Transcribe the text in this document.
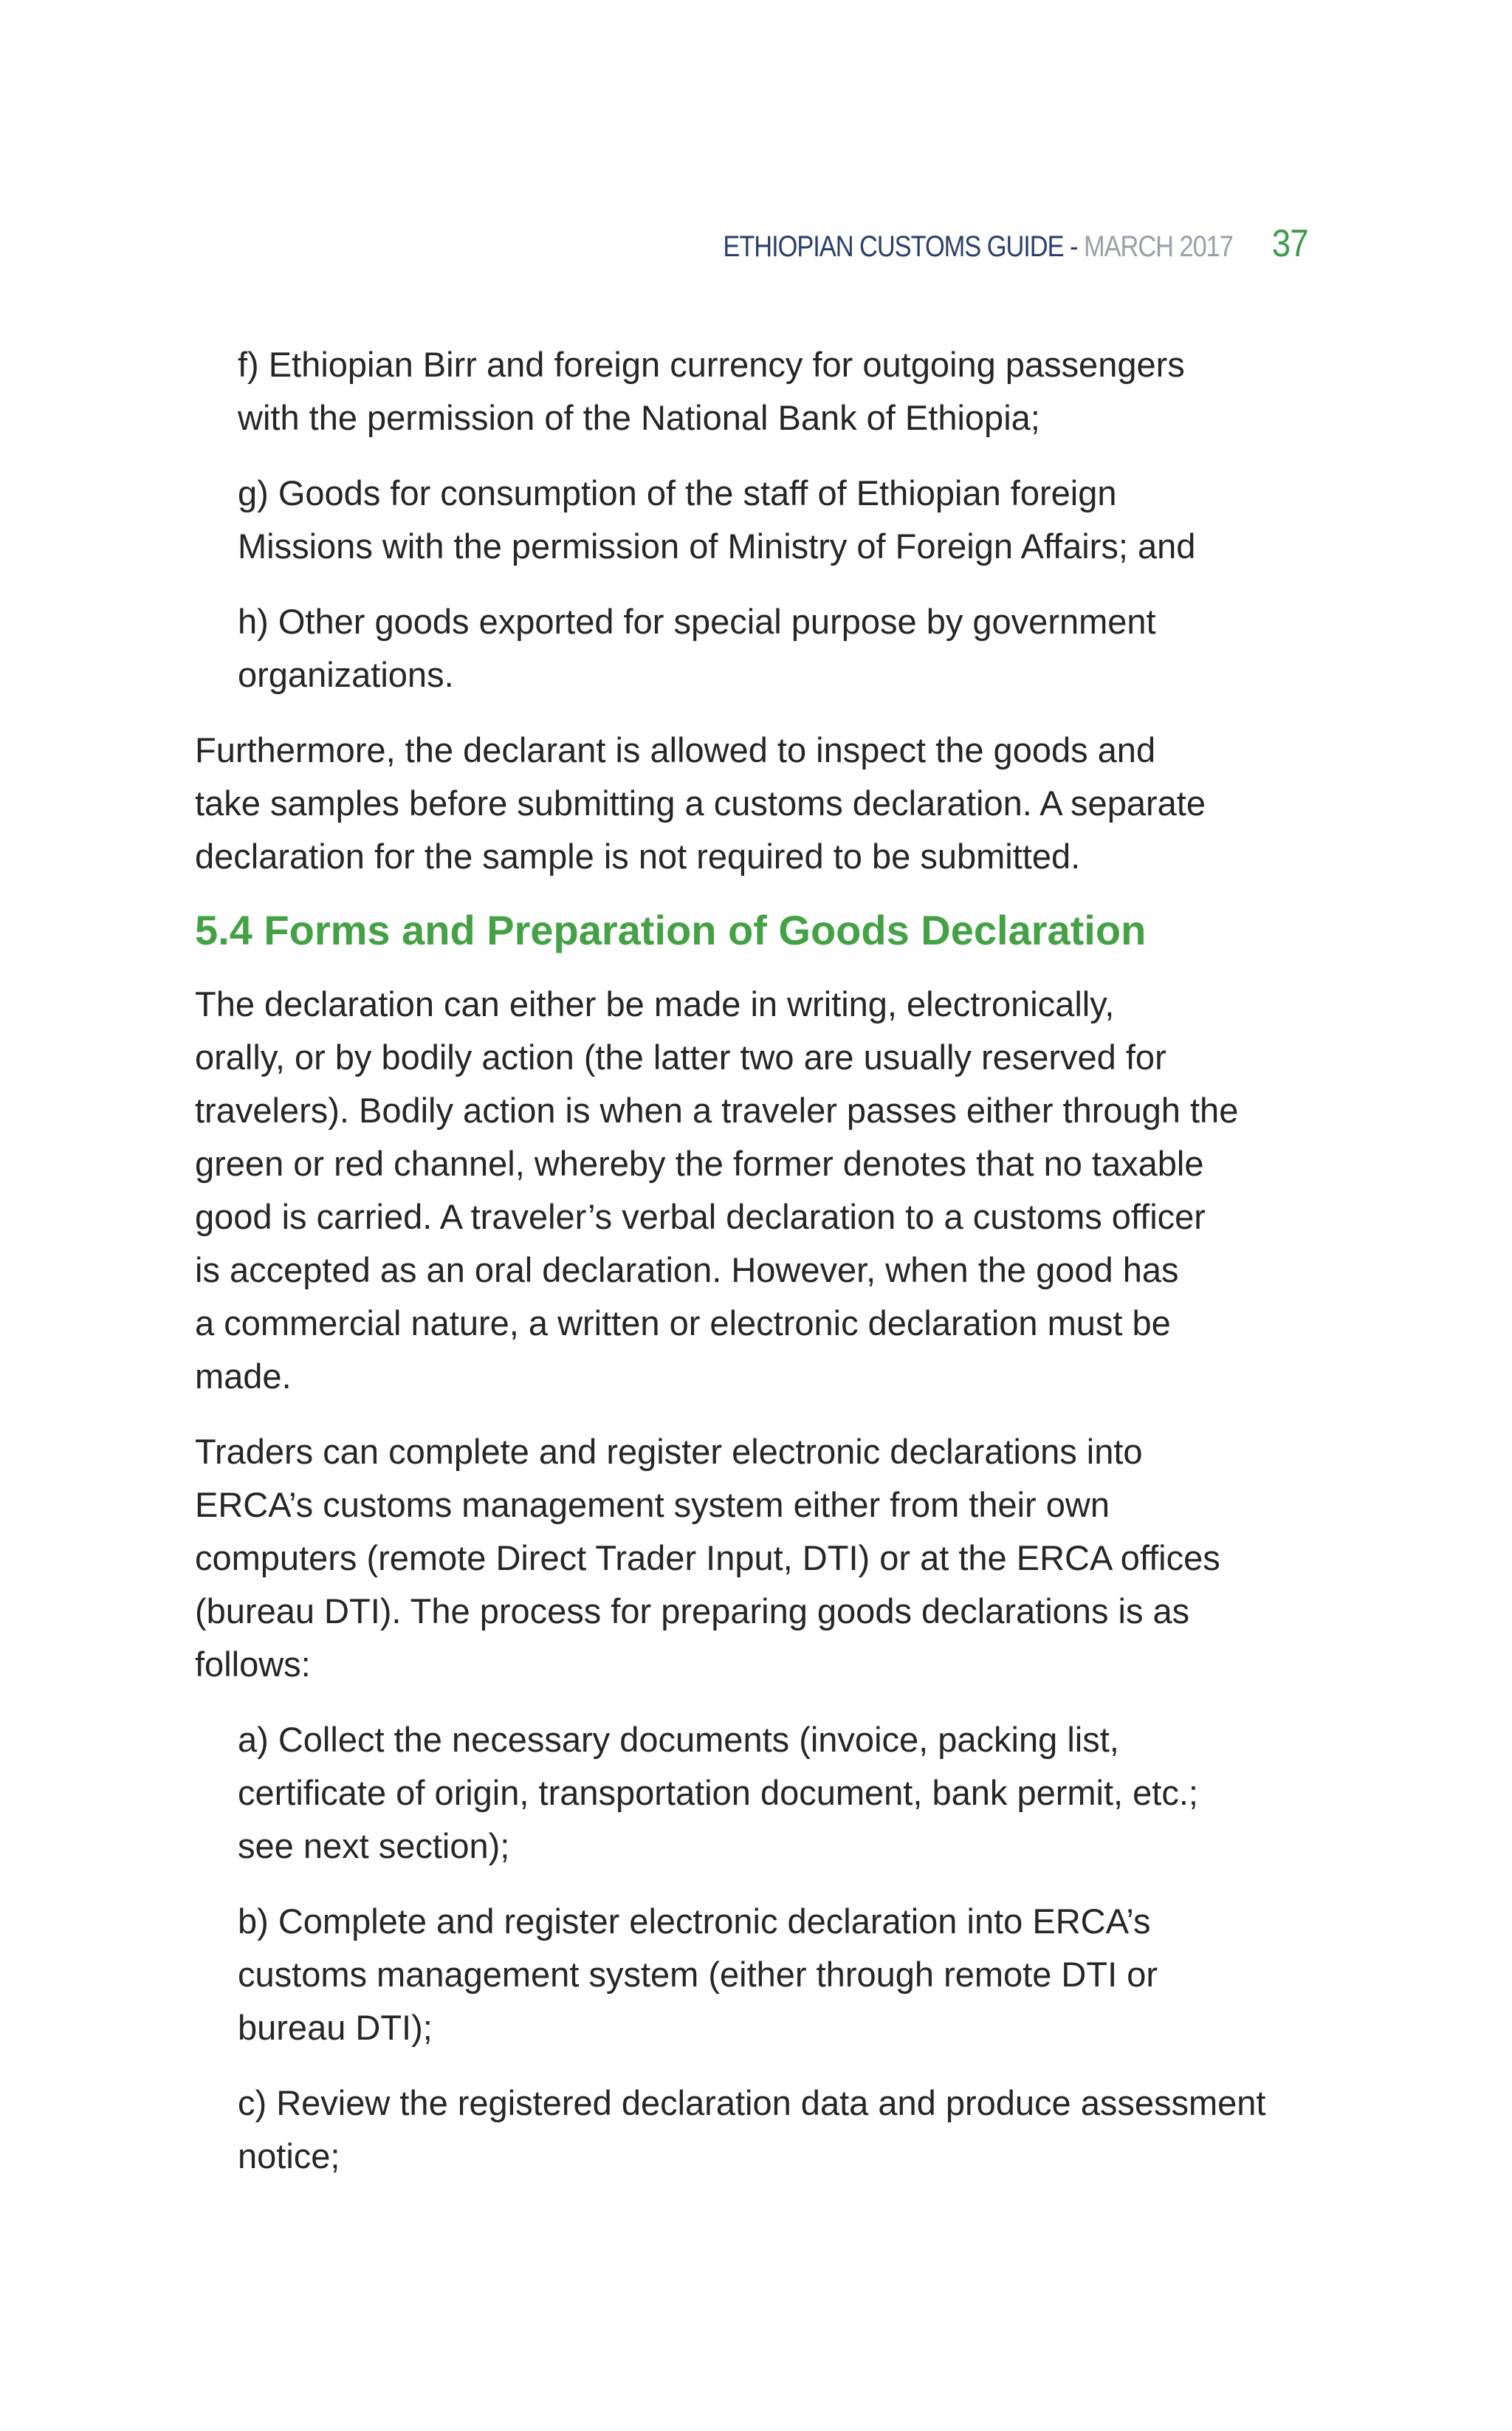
ETHIOPIAN CUSTOMS GUIDE - MARCH 2017 37
f) Ethiopian Birr and foreign currency for outgoing passengers
with the permission of the National Bank of Ethiopia;
g) Goods for consumption of the staff of Ethiopian foreign
Missions with the permission of Ministry of Foreign Affairs; and
h) Other goods exported for special purpose by government
organizations.
Furthermore, the declarant is allowed to inspect the goods and
take samples before submitting a customs declaration. A separate
declaration for the sample is not required to be submitted.
5.4 Forms and Preparation of Goods Declaration
The declaration can either be made in writing, electronically,
orally, or by bodily action (the latter two are usually reserved for
travelers). Bodily action is when a traveler passes either through the
green or red channel, whereby the former denotes that no taxable
good is carried. A traveler’s verbal declaration to a customs officer
is accepted as an oral declaration. However, when the good has
a commercial nature, a written or electronic declaration must be
made.
Traders can complete and register electronic declarations into
ERCA’s customs management system either from their own
computers (remote Direct Trader Input, DTI) or at the ERCA offices
(bureau DTI). The process for preparing goods declarations is as
follows:
a) Collect the necessary documents (invoice, packing list,
certificate of origin, transportation document, bank permit, etc.;
see next section);
b) Complete and register electronic declaration into ERCA’s
customs management system (either through remote DTI or
bureau DTI);
c) Review the registered declaration data and produce assessment
notice;
